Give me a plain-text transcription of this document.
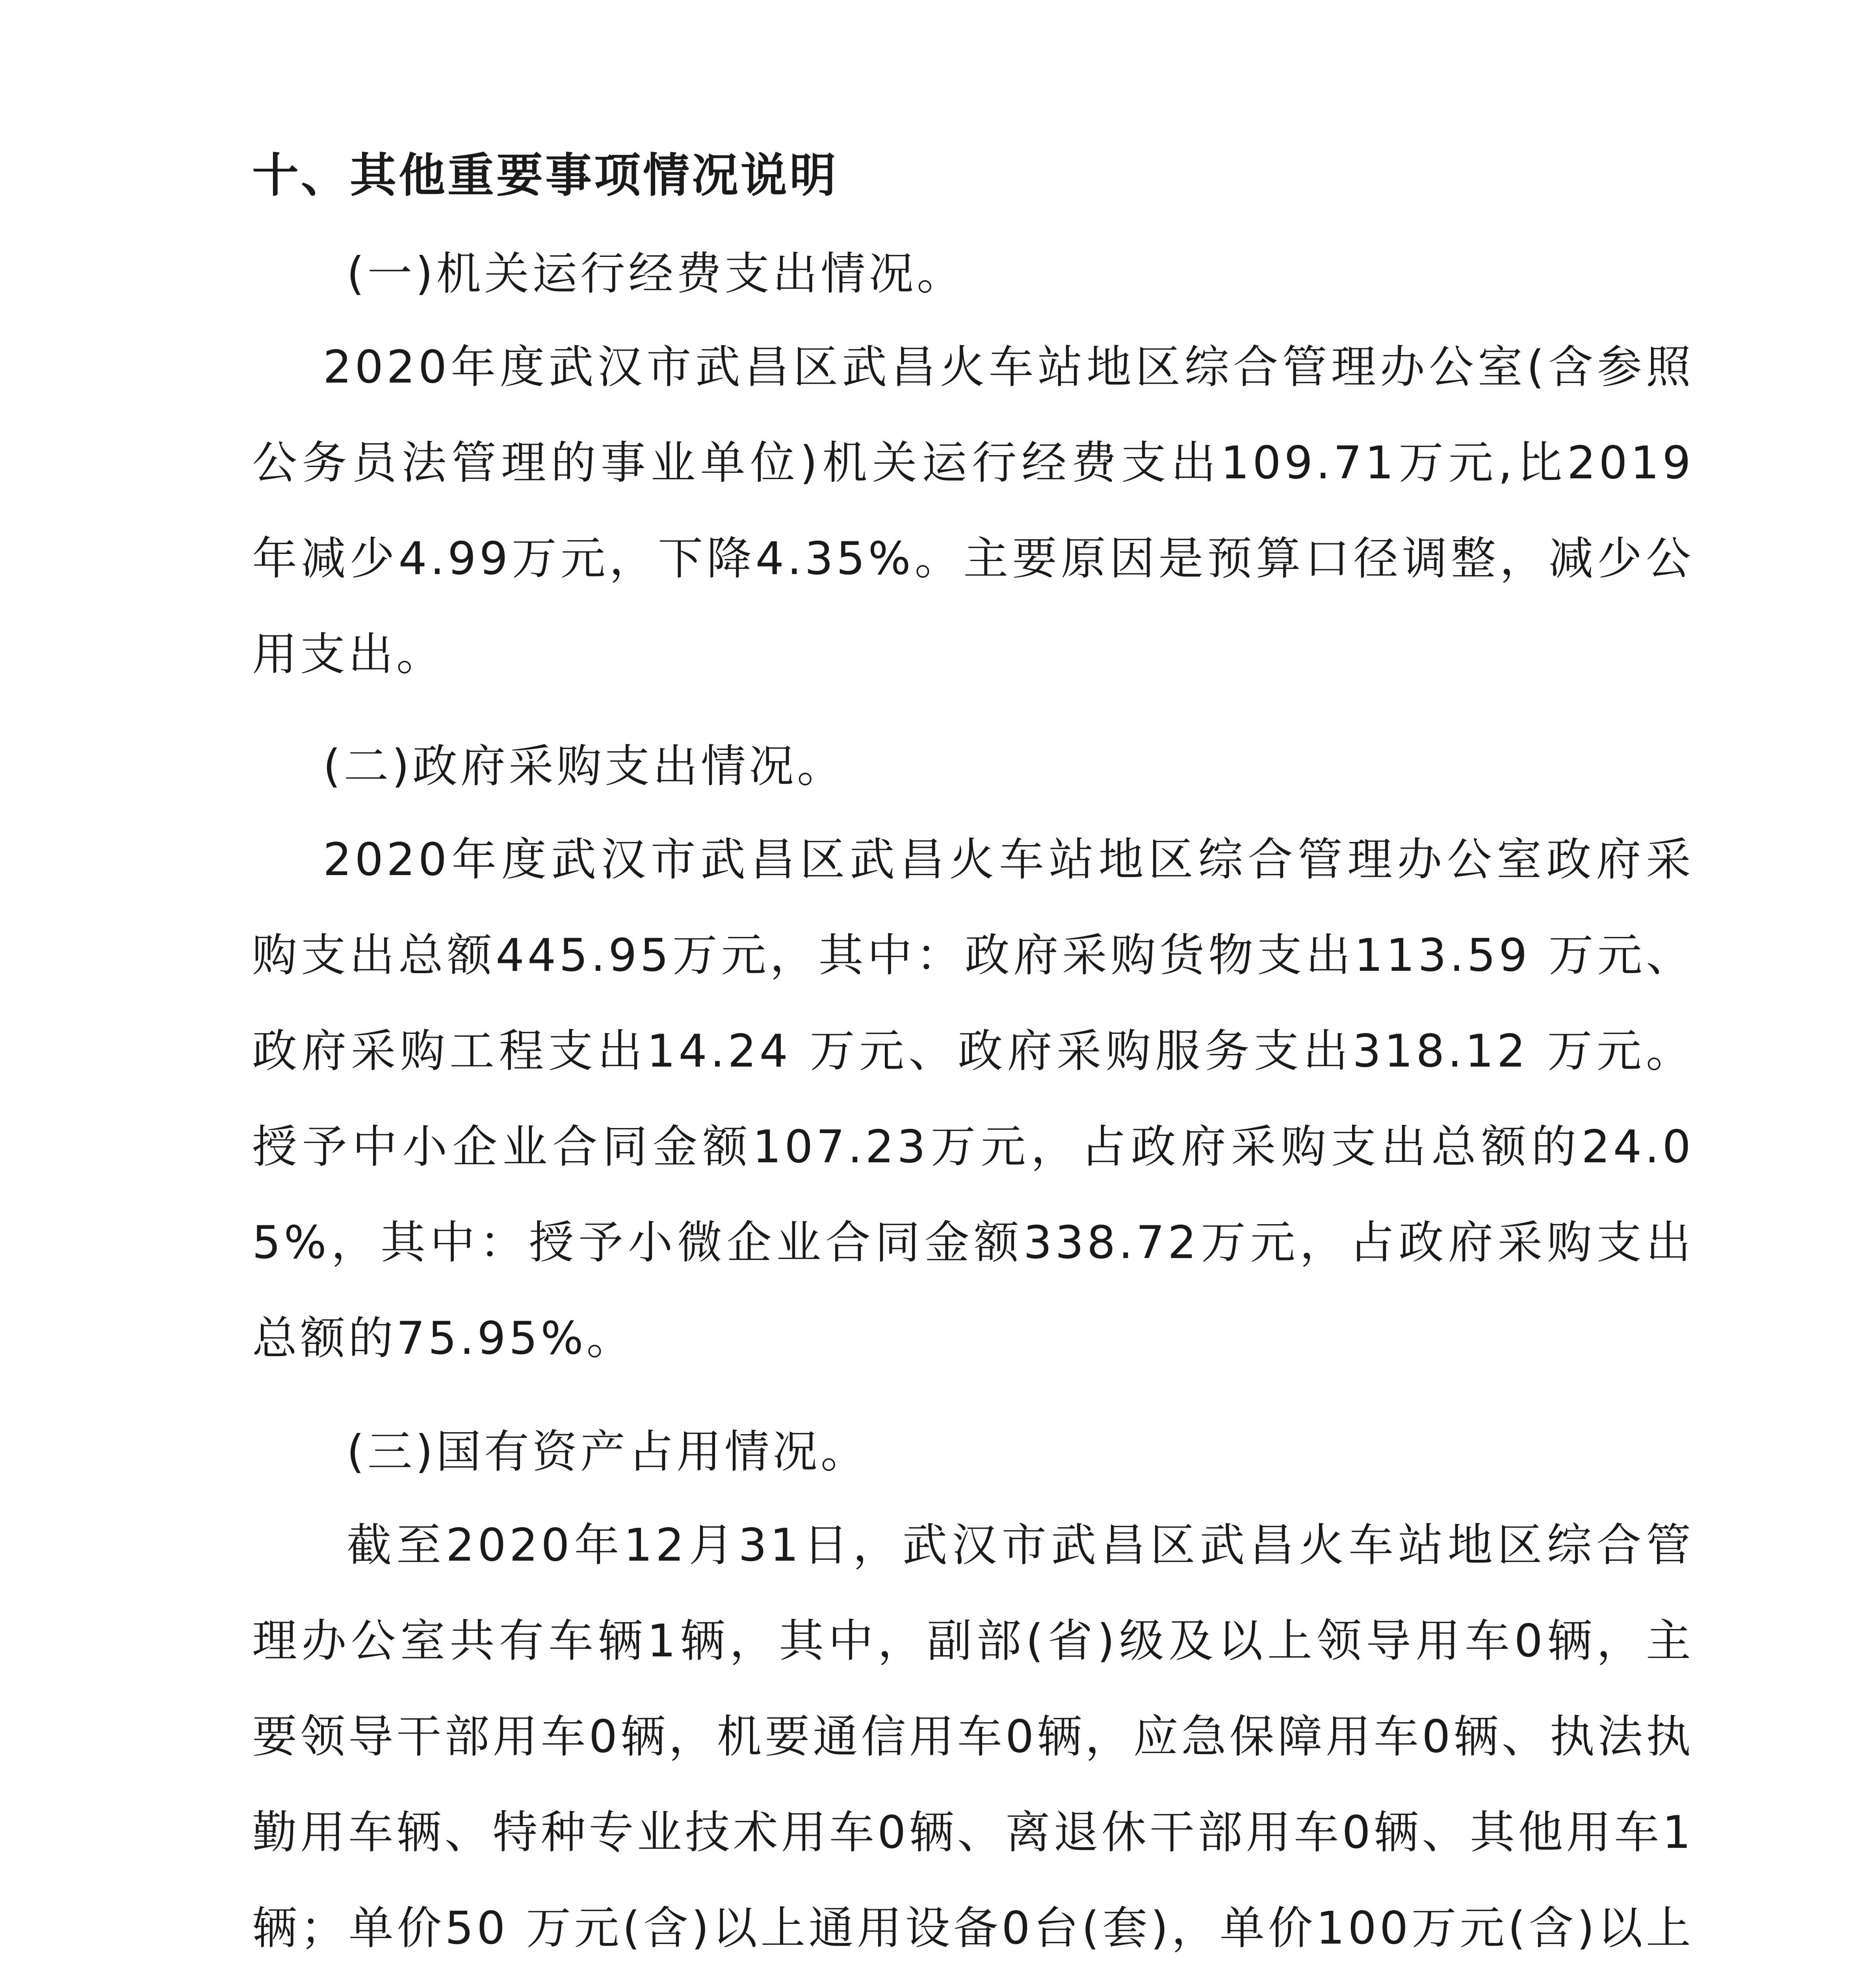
十、其他重要事项情况说明

(一)机关运行经费支出情况。

2020年度武汉市武昌区武昌火车站地区综合管理办公室(含参照公务员法管理的事业单位)机关运行经费支出109.71万元,比2019年减少4.99万元，下降4.35%。主要原因是预算口径调整，减少公用支出。

(二)政府采购支出情况。

2020年度武汉市武昌区武昌火车站地区综合管理办公室政府采购支出总额445.95万元，其中：政府采购货物支出113.59 万元、政府采购工程支出14.24 万元、政府采购服务支出318.12 万元。授予中小企业合同金额107.23万元，占政府采购支出总额的24.05%，其中：授予小微企业合同金额338.72万元，占政府采购支出总额的75.95%。

(三)国有资产占用情况。

截至2020年12月31日，武汉市武昌区武昌火车站地区综合管理办公室共有车辆1辆，其中，副部(省)级及以上领导用车0辆，主要领导干部用车0辆，机要通信用车0辆，应急保障用车0辆、执法执勤用车辆、特种专业技术用车0辆、离退休干部用车0辆、其他用车1辆；单价50 万元(含)以上通用设备0台(套)，单价100万元(含)以上
